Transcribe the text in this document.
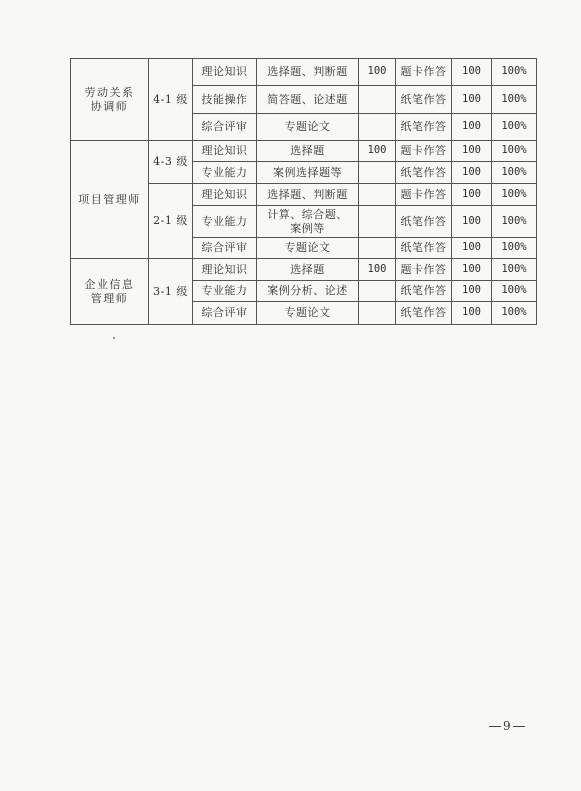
劳动关系
协调师	4-1 级	理论知识	选择题、判断题	100	题卡作答	100	100%
		技能操作	简答题、论述题		纸笔作答	100	100%
		综合评审	专题论文		纸笔作答	100	100%
项目管理师	4-3 级	理论知识	选择题	100	题卡作答	100	100%
		专业能力	案例选择题等		纸笔作答	100	100%
	2-1 级	理论知识	选择题、判断题		题卡作答	100	100%
		专业能力	计算、综合题、
案例等		纸笔作答	100	100%
		综合评审	专题论文		纸笔作答	100	100%
企业信息
管理师	3-1 级	理论知识	选择题	100	题卡作答	100	100%
		专业能力	案例分析、论述		纸笔作答	100	100%
		综合评审	专题论文		纸笔作答	100	100%
9
